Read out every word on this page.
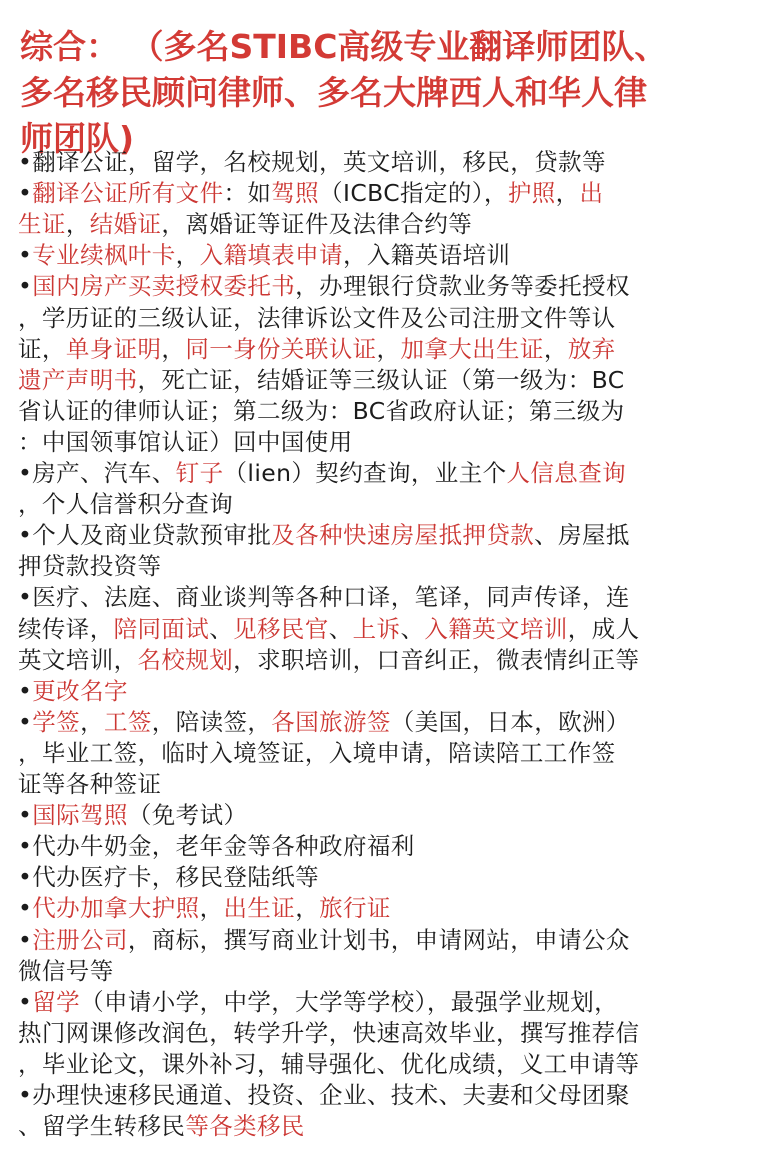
综合： （多名STIBC高级专业翻译师团队、
多名移民顾问律师、多名大牌西人和华人律
师团队)
•翻译公证，留学，名校规划，英文培训，移民，贷款等
•翻译公证所有文件：如驾照（ICBC指定的），护照，出
生证，结婚证，离婚证等证件及法律合约等
•专业续枫叶卡，入籍填表申请，入籍英语培训
•国内房产买卖授权委托书，办理银行贷款业务等委托授权
，学历证的三级认证，法律诉讼文件及公司注册文件等认
证，单身证明，同一身份关联认证，加拿大出生证，放弃
遗产声明书，死亡证，结婚证等三级认证（第一级为：BC
省认证的律师认证；第二级为：BC省政府认证；第三级为
：中国领事馆认证）回中国使用
•房产、汽车、钉子（lien）契约查询，业主个人信息查询
，个人信誉积分查询
•个人及商业贷款预审批及各种快速房屋抵押贷款、房屋抵
押贷款投资等
•医疗、法庭、商业谈判等各种口译，笔译，同声传译，连
续传译，陪同面试、见移民官、上诉、入籍英文培训，成人
英文培训，名校规划，求职培训，口音纠正，微表情纠正等
•更改名字
•学签，工签，陪读签，各国旅游签（美国，日本，欧洲）
，毕业工签，临时入境签证，入境申请，陪读陪工工作签
证等各种签证
•国际驾照（免考试）
•代办牛奶金，老年金等各种政府福利
•代办医疗卡，移民登陆纸等
•代办加拿大护照，出生证，旅行证
•注册公司，商标，撰写商业计划书，申请网站，申请公众
微信号等
•留学（申请小学，中学，大学等学校），最强学业规划，
热门网课修改润色，转学升学，快速高效毕业，撰写推荐信
，毕业论文，课外补习，辅导强化、优化成绩，义工申请等
•办理快速移民通道、投资、企业、技术、夫妻和父母团聚
、留学生转移民等各类移民
